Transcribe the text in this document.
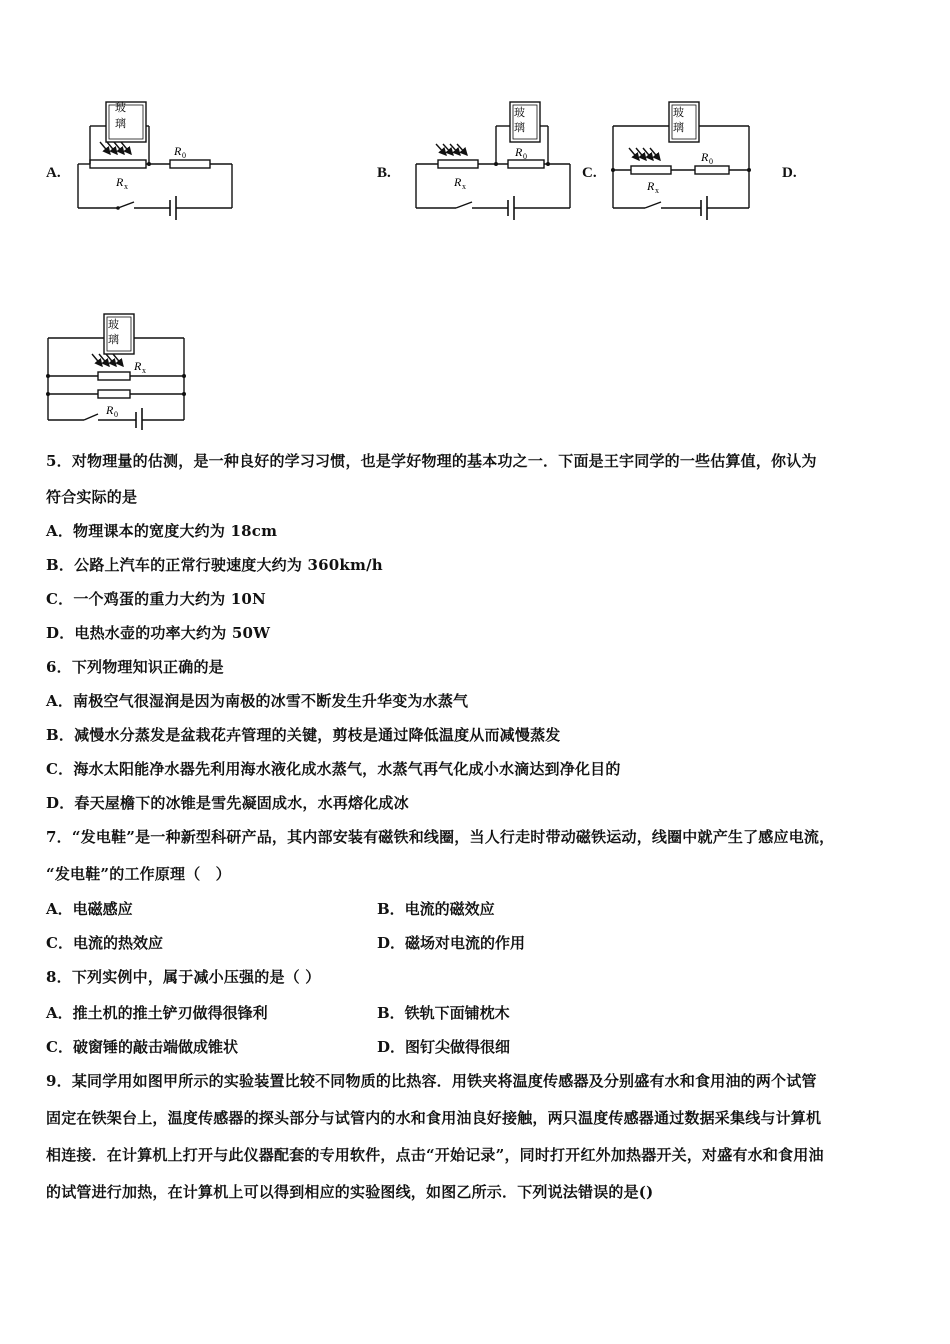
A.	B.	C.	D.
玻
璃
R x
R 0
玻
璃
R x
R 0
玻
璃
R x
R 0
玻
璃
R x
R 0
5．对物理量的估测，是一种良好的学习习惯，也是学好物理的基本功之一．下面是王宇同学的一些估算值，你认为
符合实际的是
A．物理课本的宽度大约为 18cm
B．公路上汽车的正常行驶速度大约为 360km/h
C．一个鸡蛋的重力大约为 10N
D．电热水壶的功率大约为 50W
6．下列物理知识正确的是
A．南极空气很湿润是因为南极的冰雪不断发生升华变为水蒸气
B．减慢水分蒸发是盆栽花卉管理的关键，剪枝是通过降低温度从而减慢蒸发
C．海水太阳能净水器先利用海水液化成水蒸气，水蒸气再气化成小水滴达到净化目的
D．春天屋檐下的冰锥是雪先凝固成水，水再熔化成冰
7．“发电鞋”是一种新型科研产品，其内部安装有磁铁和线圈，当人行走时带动磁铁运动，线圈中就产生了感应电流，
“发电鞋”的工作原理（　）
A．电磁感应	B．电流的磁效应
C．电流的热效应	D．磁场对电流的作用
8．下列实例中，属于减小压强的是（ ）
A．推土机的推土铲刃做得很锋利	B．铁轨下面铺枕木
C．破窗锤的敲击端做成锥状	D．图钉尖做得很细
9．某同学用如图甲所示的实验装置比较不同物质的比热容．用铁夹将温度传感器及分别盛有水和食用油的两个试管
固定在铁架台上，温度传感器的探头部分与试管内的水和食用油良好接触，两只温度传感器通过数据采集线与计算机
相连接．在计算机上打开与此仪器配套的专用软件，点击“开始记录”，同时打开红外加热器开关，对盛有水和食用油
的试管进行加热，在计算机上可以得到相应的实验图线，如图乙所示．下列说法错误的是()
